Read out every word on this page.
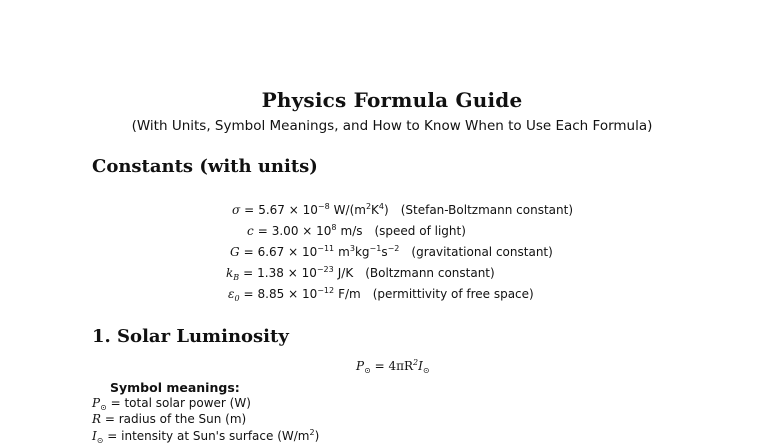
Physics Formula Guide
(With Units, Symbol Meanings, and How to Know When to Use Each Formula)
Constants (with units)
$\sigma = 5.67 \times 10^{-8}$ $W/(m^2K^4)$ (Stefan-Boltzmann constant)
$c = 3.00 \times 10^8$ m/s (speed of light)
$G = 6.67 \times 10^{-11}$ $m^3kg^{-1}s^{-2}$ (gravitational constant)
$k_B = 1.38 \times 10^{-23}$ J/K (Boltzmann constant)
$\varepsilon_0 = 8.85 \times 10^{-12}$ F/m (permittivity of free space)
1. Solar Luminosity
$P_⊙ = 4\pi R^2I_⊙$
Symbol meanings:
$P_⊙$ = total solar power (W)
R = radius of the Sun (m)
$I_⊙$ = intensity at Sun's surface $(W/m^2)$
